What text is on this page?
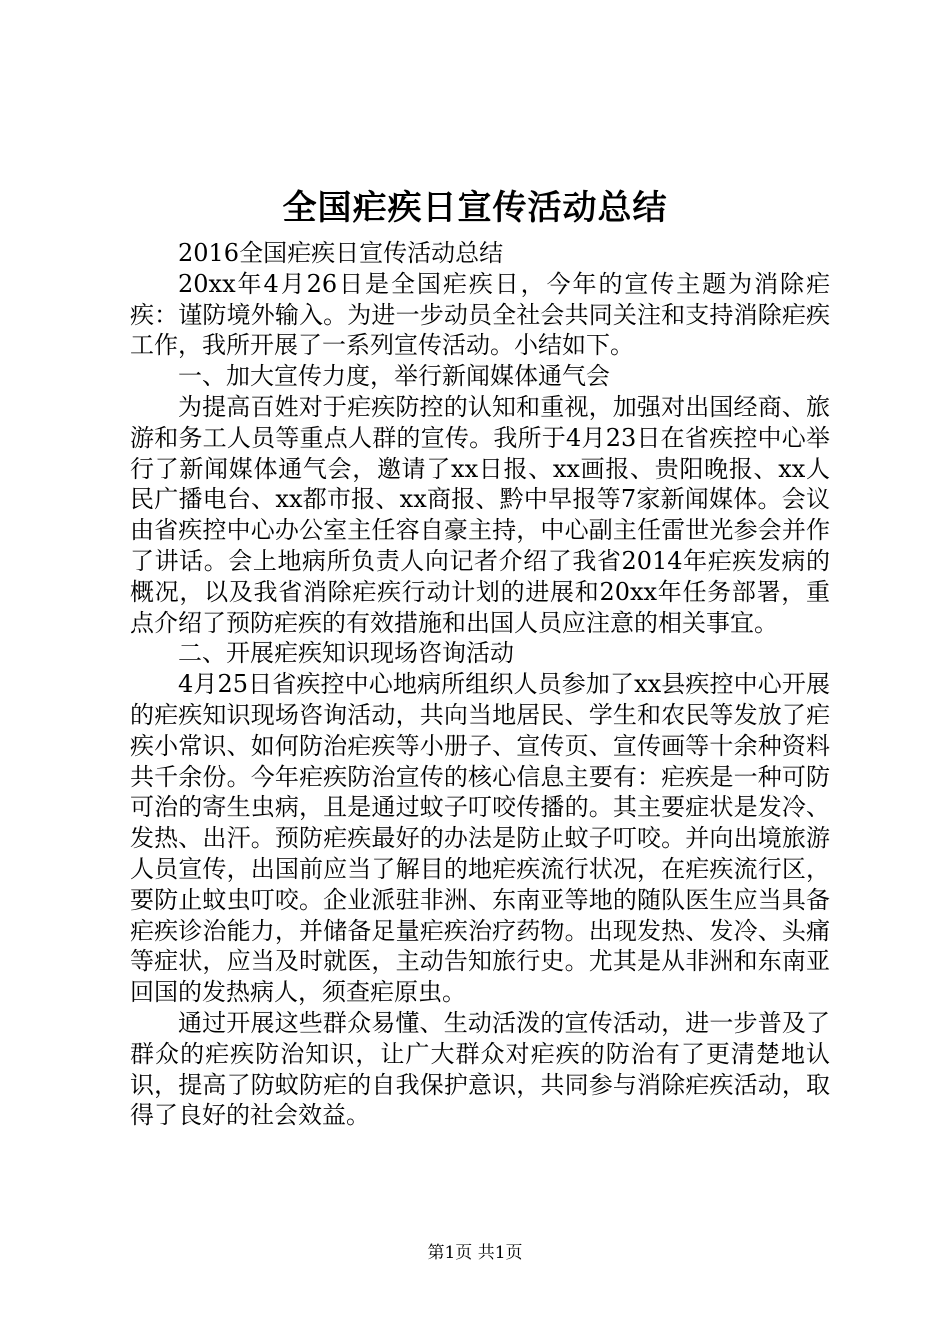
全国疟疾日宣传活动总结

2016全国疟疾日宣传活动总结

20xx年4月26日是全国疟疾日，今年的宣传主题为消除疟疾：谨防境外输入。为进一步动员全社会共同关注和支持消除疟疾工作，我所开展了一系列宣传活动。小结如下。

一、加大宣传力度，举行新闻媒体通气会

为提高百姓对于疟疾防控的认知和重视，加强对出国经商、旅游和务工人员等重点人群的宣传。我所于4月23日在省疾控中心举行了新闻媒体通气会，邀请了xx日报、xx画报、贵阳晚报、xx人民广播电台、xx都市报、xx商报、黔中早报等7家新闻媒体。会议由省疾控中心办公室主任容自豪主持，中心副主任雷世光参会并作了讲话。会上地病所负责人向记者介绍了我省2014年疟疾发病的概况，以及我省消除疟疾行动计划的进展和20xx年任务部署，重点介绍了预防疟疾的有效措施和出国人员应注意的相关事宜。

二、开展疟疾知识现场咨询活动

4月25日省疾控中心地病所组织人员参加了xx县疾控中心开展的疟疾知识现场咨询活动，共向当地居民、学生和农民等发放了疟疾小常识、如何防治疟疾等小册子、宣传页、宣传画等十余种资料共千余份。今年疟疾防治宣传的核心信息主要有：疟疾是一种可防可治的寄生虫病，且是通过蚊子叮咬传播的。其主要症状是发冷、发热、出汗。预防疟疾最好的办法是防止蚊子叮咬。并向出境旅游人员宣传，出国前应当了解目的地疟疾流行状况，在疟疾流行区，要防止蚊虫叮咬。企业派驻非洲、东南亚等地的随队医生应当具备疟疾诊治能力，并储备足量疟疾治疗药物。出现发热、发冷、头痛等症状，应当及时就医，主动告知旅行史。尤其是从非洲和东南亚回国的发热病人，须查疟原虫。

通过开展这些群众易懂、生动活泼的宣传活动，进一步普及了群众的疟疾防治知识，让广大群众对疟疾的防治有了更清楚地认识，提高了防蚊防疟的自我保护意识，共同参与消除疟疾活动，取得了良好的社会效益。

第1页 共1页
